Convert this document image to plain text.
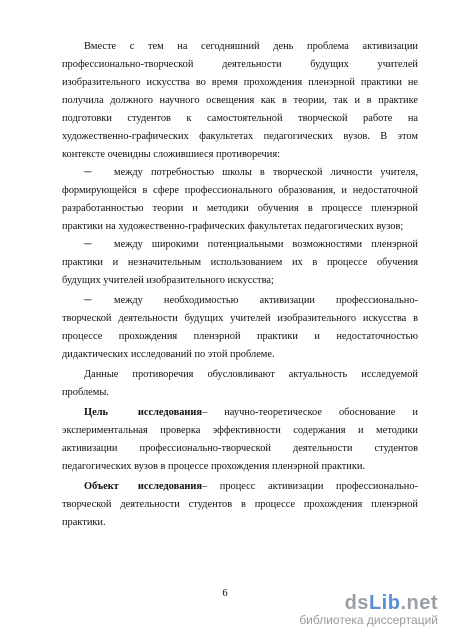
Вместе с тем на сегодняшний день проблема активизации
профессионально-творческой деятельности будущих учителей
изобразительного искусства во время прохождения пленэрной практики не
получила должного научного освещения как в теории, так и в практике
подготовки студентов к самостоятельной творческой работе на
художественно-графических факультетах педагогических вузов. В этом
контексте очевидны сложившиеся противоречия:
─ между потребностью школы в творческой личности учителя,
формирующейся в сфере профессионального образования, и недостаточной
разработанностью теории и методики обучения в процессе пленэрной
практики на художественно-графических факультетах педагогических вузов;
─ между широкими потенциальными возможностями пленэрной
практики и незначительным использованием их в процессе обучения
будущих учителей изобразительного искусства;
─ между необходимостью активизации профессионально-
творческой деятельности будущих учителей изобразительного искусства в
процессе прохождения пленэрной практики и недостаточностью
дидактических исследований по этой проблеме.
Данные противоречия обусловливают актуальность исследуемой
проблемы.
Цель исследования– научно-теоретическое обоснование и
экспериментальная проверка эффективности содержания и методики
активизации профессионально-творческой деятельности студентов
педагогических вузов в процессе прохождения пленэрной практики.
Объект исследования– процесс активизации профессионально-
творческой деятельности студентов в процессе прохождения пленэрной
практики.
6	dsLib.net
библиотека диссертаций
